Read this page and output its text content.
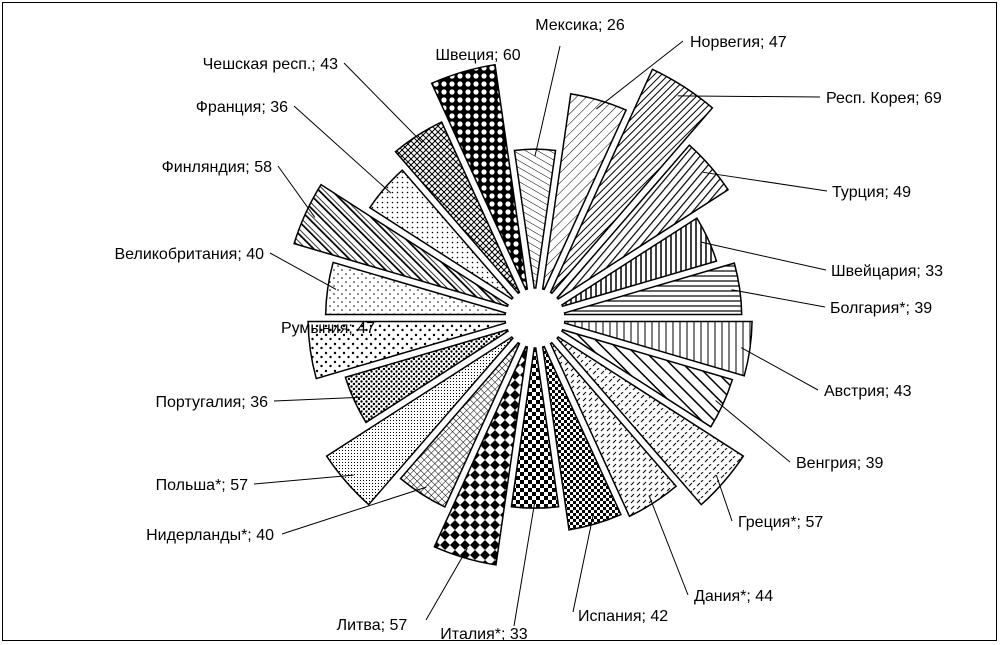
Мексика; 26
Норвегия; 47
Респ. Корея; 69
Турция; 49
Швейцария; 33
Болгария*; 39
Австрия; 43
Венгрия; 39
Греция*; 57
Дания*; 44
Испания; 42
Италия*; 33
Литва; 57
Нидерланды*; 40
Польша*; 57
Португалия; 36
Румыния; 47
Великобритания; 40
Финляндия; 58
Франция; 36
Чешская респ.; 43
Швеция; 60
